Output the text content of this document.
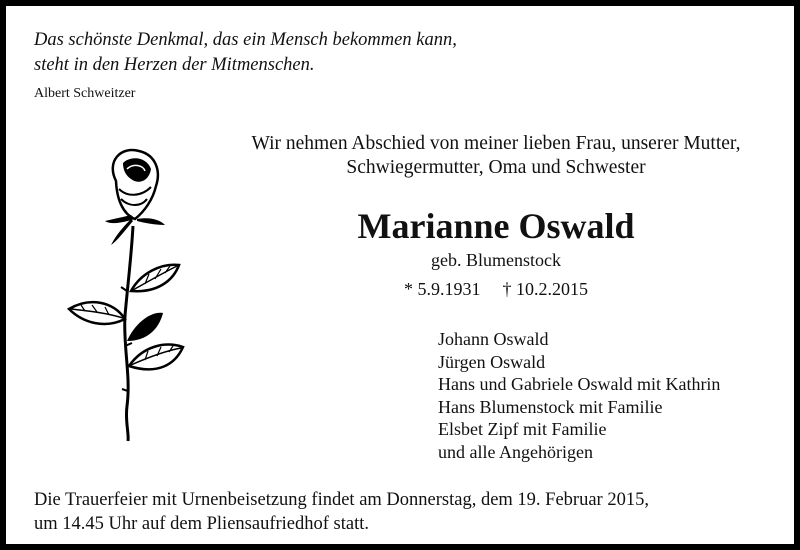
Das schönste Denkmal, das ein Mensch bekommen kann,
steht in den Herzen der Mitmenschen.
Albert Schweitzer
Wir nehmen Abschied von meiner lieben Frau, unserer Mutter,
Schwiegermutter, Oma und Schwester
Marianne Oswald
geb. Blumenstock
* 5.9.1931 † 10.2.2015
Johann Oswald
Jürgen Oswald
Hans und Gabriele Oswald mit Kathrin
Hans Blumenstock mit Familie
Elsbet Zipf mit Familie
und alle Angehörigen
Die Trauerfeier mit Urnenbeisetzung findet am Donnerstag, dem 19. Februar 2015,
um 14.45 Uhr auf dem Pliensaufriedhof statt.
